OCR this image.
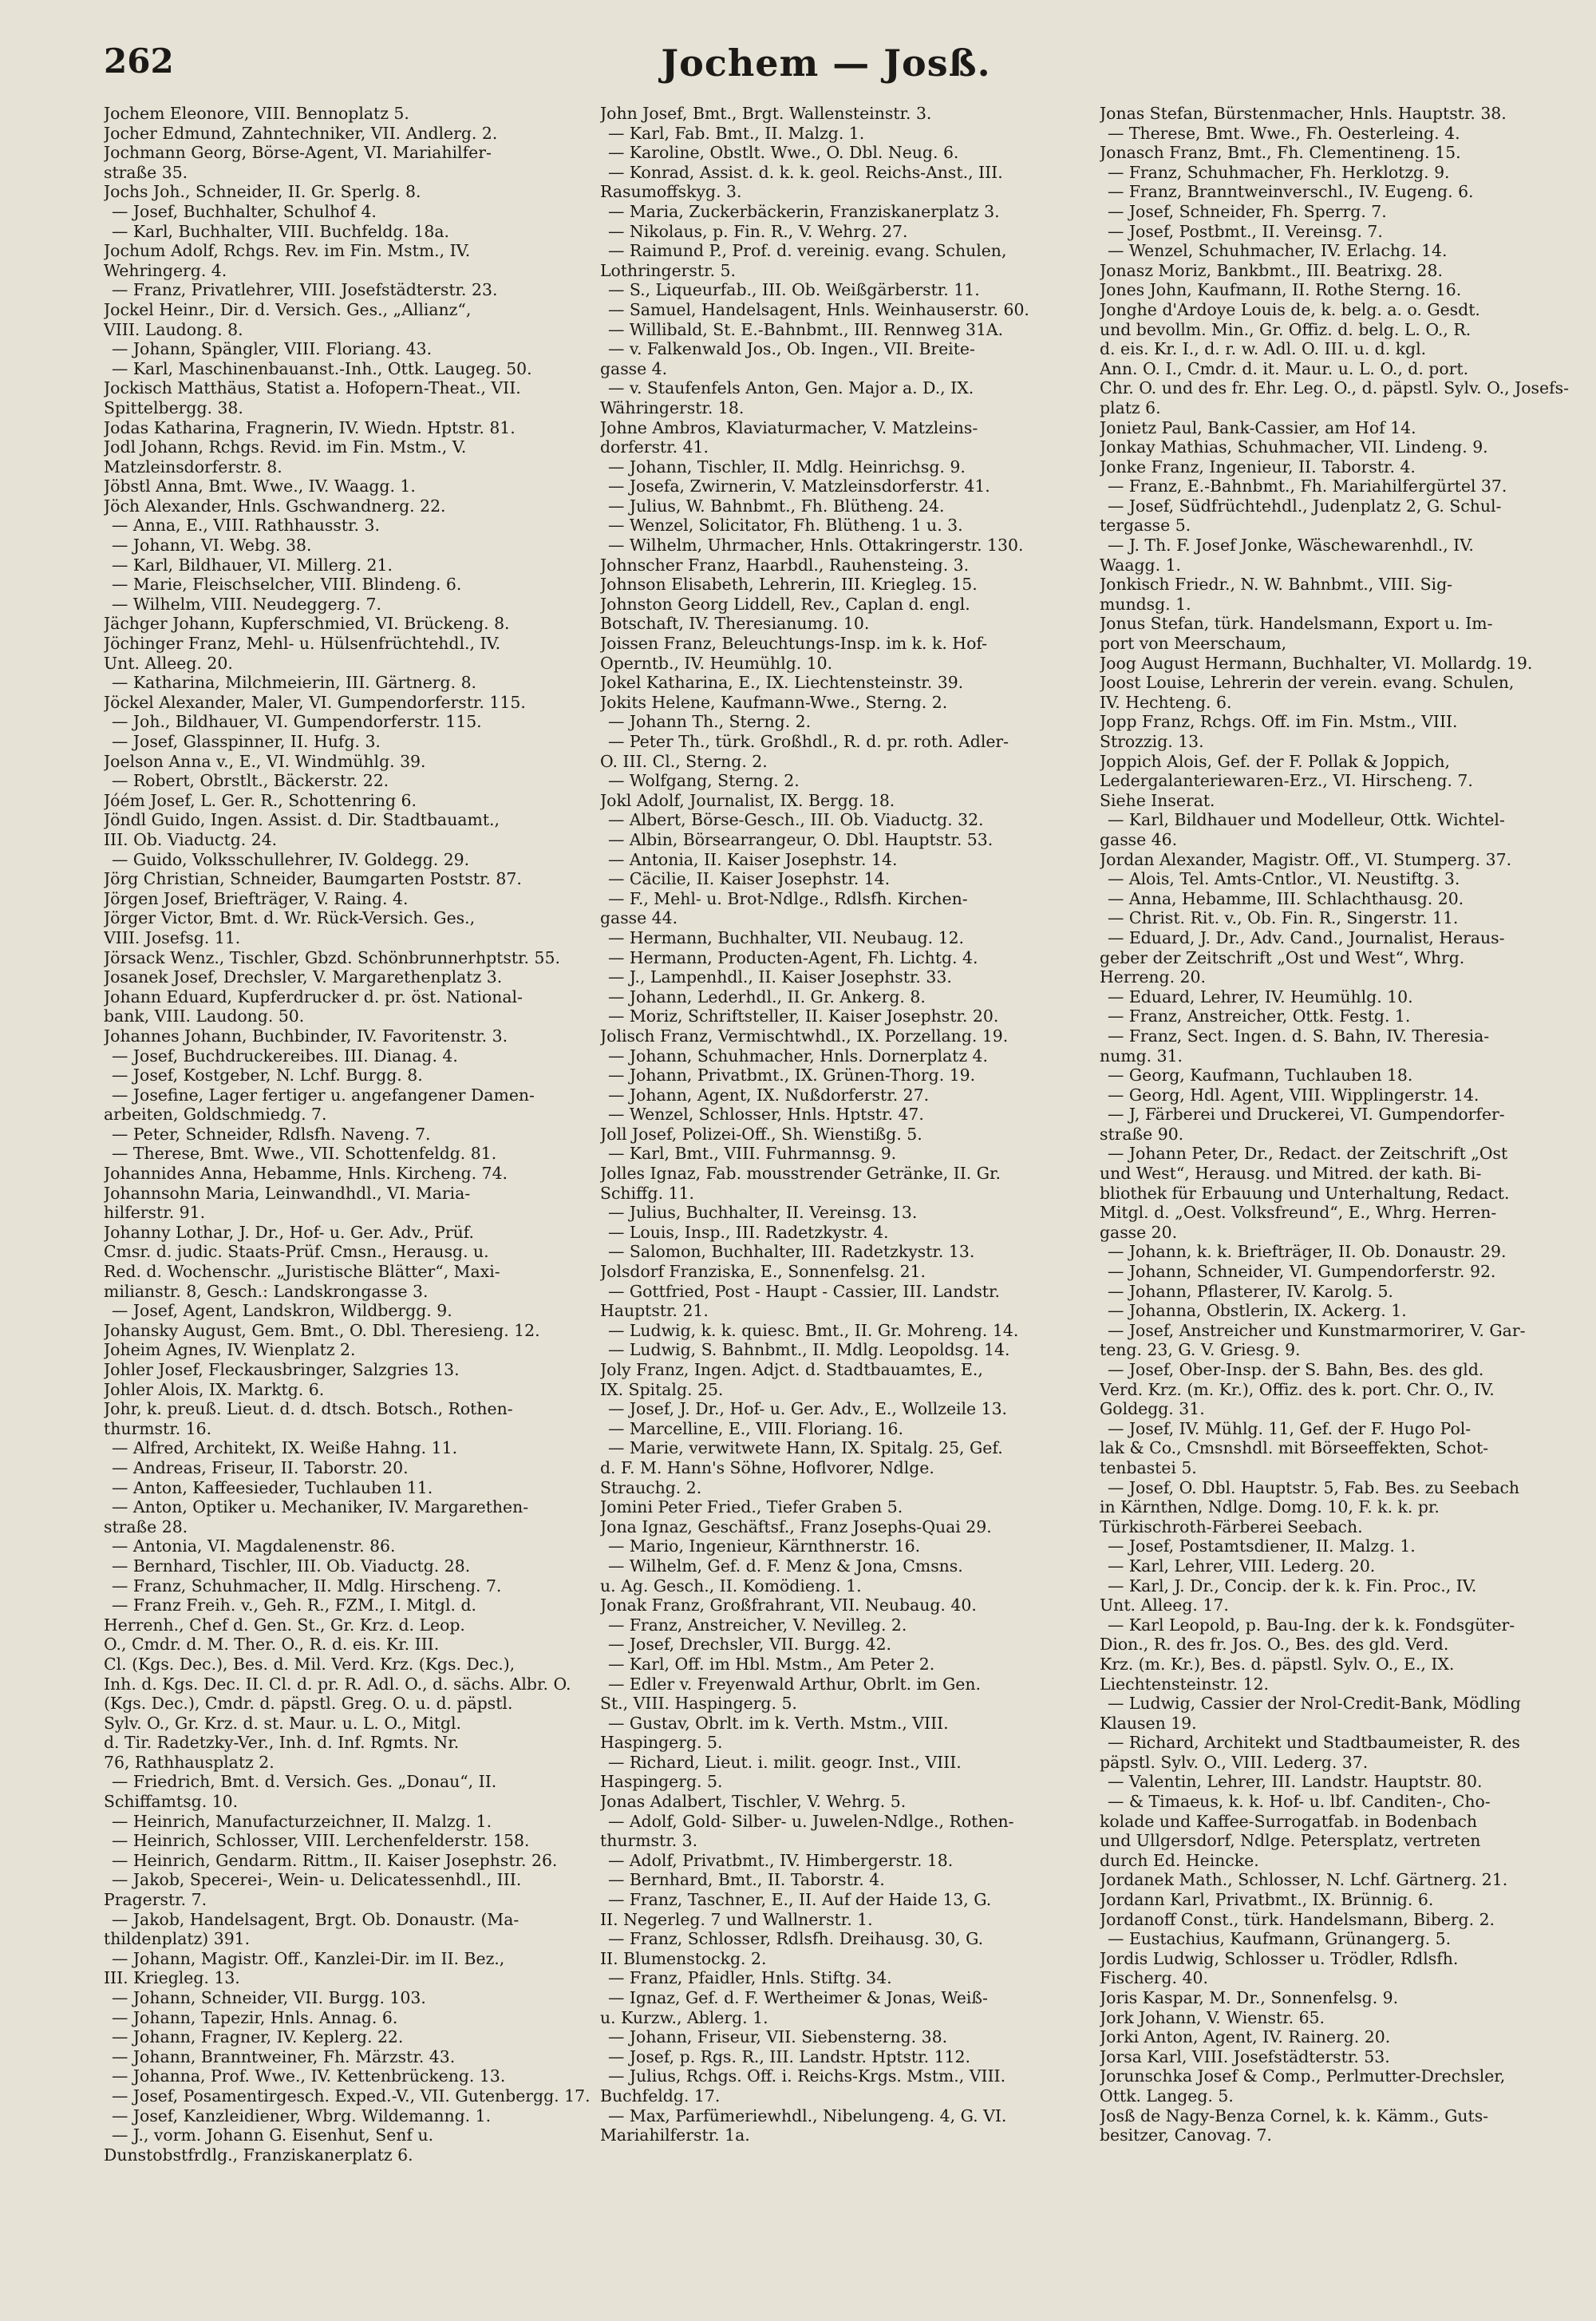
262	Jochem — Josß.
Jochem Eleonore, VIII. Bennoplatz 5.
Jocher Edmund, Zahntechniker, VII. Andlerg. 2.
Jochmann Georg, Börse-Agent, VI. Mariahilfer-
straße 35.
Jochs Joh., Schneider, II. Gr. Sperlg. 8.
— Josef, Buchhalter, Schulhof 4.
— Karl, Buchhalter, VIII. Buchfeldg. 18a.
Jochum Adolf, Rchgs. Rev. im Fin. Mstm., IV.
Wehringerg. 4.
— Franz, Privatlehrer, VIII. Josefstädterstr. 23.
Jockel Heinr., Dir. d. Versich. Ges., „Allianz“,
VIII. Laudong. 8.
— Johann, Spängler, VIII. Floriang. 43.
— Karl, Maschinenbauanst.-Inh., Ottk. Laugeg. 50.
Jockisch Matthäus, Statist a. Hofopern-Theat., VII.
Spittelbergg. 38.
Jodas Katharina, Fragnerin, IV. Wiedn. Hptstr. 81.
Jodl Johann, Rchgs. Revid. im Fin. Mstm., V.
Matzleinsdorferstr. 8.
Jöbstl Anna, Bmt. Wwe., IV. Waagg. 1.
Jöch Alexander, Hnls. Gschwandnerg. 22.
— Anna, E., VIII. Rathhausstr. 3.
— Johann, VI. Webg. 38.
— Karl, Bildhauer, VI. Millerg. 21.
— Marie, Fleischselcher, VIII. Blindeng. 6.
— Wilhelm, VIII. Neudeggerg. 7.
Jächger Johann, Kupferschmied, VI. Brückeng. 8.
Jöchinger Franz, Mehl- u. Hülsenfrüchtehdl., IV.
Unt. Alleeg. 20.
— Katharina, Milchmeierin, III. Gärtnerg. 8.
Jöckel Alexander, Maler, VI. Gumpendorferstr. 115.
— Joh., Bildhauer, VI. Gumpendorferstr. 115.
— Josef, Glasspinner, II. Hufg. 3.
Joelson Anna v., E., VI. Windmühlg. 39.
— Robert, Obrstlt., Bäckerstr. 22.
Jóém Josef, L. Ger. R., Schottenring 6.
Jöndl Guido, Ingen. Assist. d. Dir. Stadtbauamt.,
III. Ob. Viaductg. 24.
— Guido, Volksschullehrer, IV. Goldegg. 29.
Jörg Christian, Schneider, Baumgarten Poststr. 87.
Jörgen Josef, Briefträger, V. Raing. 4.
Jörger Victor, Bmt. d. Wr. Rück-Versich. Ges.,
VIII. Josefsg. 11.
Jörsack Wenz., Tischler, Gbzd. Schönbrunnerhptstr. 55.
Josanek Josef, Drechsler, V. Margarethenplatz 3.
Johann Eduard, Kupferdrucker d. pr. öst. National-
bank, VIII. Laudong. 50.
Johannes Johann, Buchbinder, IV. Favoritenstr. 3.
— Josef, Buchdruckereibes. III. Dianag. 4.
— Josef, Kostgeber, N. Lchf. Burgg. 8.
— Josefine, Lager fertiger u. angefangener Damen-
arbeiten, Goldschmiedg. 7.
— Peter, Schneider, Rdlsfh. Naveng. 7.
— Therese, Bmt. Wwe., VII. Schottenfeldg. 81.
Johannides Anna, Hebamme, Hnls. Kircheng. 74.
Johannsohn Maria, Leinwandhdl., VI. Maria-
hilferstr. 91.
Johanny Lothar, J. Dr., Hof- u. Ger. Adv., Prüf.
Cmsr. d. judic. Staats-Prüf. Cmsn., Herausg. u.
Red. d. Wochenschr. „Juristische Blätter“, Maxi-
milianstr. 8, Gesch.: Landskrongasse 3.
— Josef, Agent, Landskron, Wildbergg. 9.
Johansky August, Gem. Bmt., O. Dbl. Theresieng. 12.
Joheim Agnes, IV. Wienplatz 2.
Johler Josef, Fleckausbringer, Salzgries 13.
Johler Alois, IX. Marktg. 6.
Johr, k. preuß. Lieut. d. d. dtsch. Botsch., Rothen-
thurmstr. 16.
— Alfred, Architekt, IX. Weiße Hahng. 11.
— Andreas, Friseur, II. Taborstr. 20.
— Anton, Kaffeesieder, Tuchlauben 11.
— Anton, Optiker u. Mechaniker, IV. Margarethen-
straße 28.
— Antonia, VI. Magdalenenstr. 86.
— Bernhard, Tischler, III. Ob. Viaductg. 28.
— Franz, Schuhmacher, II. Mdlg. Hirscheng. 7.
— Franz Freih. v., Geh. R., FZM., I. Mitgl. d.
Herrenh., Chef d. Gen. St., Gr. Krz. d. Leop.
O., Cmdr. d. M. Ther. O., R. d. eis. Kr. III.
Cl. (Kgs. Dec.), Bes. d. Mil. Verd. Krz. (Kgs. Dec.),
Inh. d. Kgs. Dec. II. Cl. d. pr. R. Adl. O., d. sächs. Albr. O.
(Kgs. Dec.), Cmdr. d. päpstl. Greg. O. u. d. päpstl.
Sylv. O., Gr. Krz. d. st. Maur. u. L. O., Mitgl.
d. Tir. Radetzky-Ver., Inh. d. Inf. Rgmts. Nr.
76, Rathhausplatz 2.
— Friedrich, Bmt. d. Versich. Ges. „Donau“, II.
Schiffamtsg. 10.
— Heinrich, Manufacturzeichner, II. Malzg. 1.
— Heinrich, Schlosser, VIII. Lerchenfelderstr. 158.
— Heinrich, Gendarm. Rittm., II. Kaiser Josephstr. 26.
— Jakob, Specerei-, Wein- u. Delicatessenhdl., III.
Pragerstr. 7.
— Jakob, Handelsagent, Brgt. Ob. Donaustr. (Ma-
thildenplatz) 391.
— Johann, Magistr. Off., Kanzlei-Dir. im II. Bez.,
III. Kriegleg. 13.
— Johann, Schneider, VII. Burgg. 103.
— Johann, Tapezir, Hnls. Annag. 6.
— Johann, Fragner, IV. Keplerg. 22.
— Johann, Branntweiner, Fh. Märzstr. 43.
— Johanna, Prof. Wwe., IV. Kettenbrückeng. 13.
— Josef, Posamentirgesch. Exped.-V., VII. Gutenbergg. 17.
— Josef, Kanzleidiener, Wbrg. Wildemanng. 1.
— J., vorm. Johann G. Eisenhut, Senf u.
Dunstobstfrdlg., Franziskanerplatz 6.
John Josef, Bmt., Brgt. Wallensteinstr. 3.
— Karl, Fab. Bmt., II. Malzg. 1.
— Karoline, Obstlt. Wwe., O. Dbl. Neug. 6.
— Konrad, Assist. d. k. k. geol. Reichs-Anst., III.
Rasumoffskyg. 3.
— Maria, Zuckerbäckerin, Franziskanerplatz 3.
— Nikolaus, p. Fin. R., V. Wehrg. 27.
— Raimund P., Prof. d. vereinig. evang. Schulen,
Lothringerstr. 5.
— S., Liqueurfab., III. Ob. Weißgärberstr. 11.
— Samuel, Handelsagent, Hnls. Weinhauserstr. 60.
— Willibald, St. E.-Bahnbmt., III. Rennweg 31A.
— v. Falkenwald Jos., Ob. Ingen., VII. Breite-
gasse 4.
— v. Staufenfels Anton, Gen. Major a. D., IX.
Währingerstr. 18.
Johne Ambros, Klaviaturmacher, V. Matzleins-
dorferstr. 41.
— Johann, Tischler, II. Mdlg. Heinrichsg. 9.
— Josefa, Zwirnerin, V. Matzleinsdorferstr. 41.
— Julius, W. Bahnbmt., Fh. Blütheng. 24.
— Wenzel, Solicitator, Fh. Blütheng. 1 u. 3.
— Wilhelm, Uhrmacher, Hnls. Ottakringerstr. 130.
Johnscher Franz, Haarbdl., Rauhensteing. 3.
Johnson Elisabeth, Lehrerin, III. Kriegleg. 15.
Johnston Georg Liddell, Rev., Caplan d. engl.
Botschaft, IV. Theresianumg. 10.
Joissen Franz, Beleuchtungs-Insp. im k. k. Hof-
Operntb., IV. Heumühlg. 10.
Jokel Katharina, E., IX. Liechtensteinstr. 39.
Jokits Helene, Kaufmann-Wwe., Sterng. 2.
— Johann Th., Sterng. 2.
— Peter Th., türk. Großhdl., R. d. pr. roth. Adler-
O. III. Cl., Sterng. 2.
— Wolfgang, Sterng. 2.
Jokl Adolf, Journalist, IX. Bergg. 18.
— Albert, Börse-Gesch., III. Ob. Viaductg. 32.
— Albin, Börsearrangeur, O. Dbl. Hauptstr. 53.
— Antonia, II. Kaiser Josephstr. 14.
— Cäcilie, II. Kaiser Josephstr. 14.
— F., Mehl- u. Brot-Ndlge., Rdlsfh. Kirchen-
gasse 44.
— Hermann, Buchhalter, VII. Neubaug. 12.
— Hermann, Producten-Agent, Fh. Lichtg. 4.
— J., Lampenhdl., II. Kaiser Josephstr. 33.
— Johann, Lederhdl., II. Gr. Ankerg. 8.
— Moriz, Schriftsteller, II. Kaiser Josephstr. 20.
Jolisch Franz, Vermischtwhdl., IX. Porzellang. 19.
— Johann, Schuhmacher, Hnls. Dornerplatz 4.
— Johann, Privatbmt., IX. Grünen-Thorg. 19.
— Johann, Agent, IX. Nußdorferstr. 27.
— Wenzel, Schlosser, Hnls. Hptstr. 47.
Joll Josef, Polizei-Off., Sh. Wienstißg. 5.
— Karl, Bmt., VIII. Fuhrmannsg. 9.
Jolles Ignaz, Fab. mousstrender Getränke, II. Gr.
Schiffg. 11.
— Julius, Buchhalter, II. Vereinsg. 13.
— Louis, Insp., III. Radetzkystr. 4.
— Salomon, Buchhalter, III. Radetzkystr. 13.
Jolsdorf Franziska, E., Sonnenfelsg. 21.
— Gottfried, Post - Haupt - Cassier, III. Landstr.
Hauptstr. 21.
— Ludwig, k. k. quiesc. Bmt., II. Gr. Mohreng. 14.
— Ludwig, S. Bahnbmt., II. Mdlg. Leopoldsg. 14.
Joly Franz, Ingen. Adjct. d. Stadtbauamtes, E.,
IX. Spitalg. 25.
— Josef, J. Dr., Hof- u. Ger. Adv., E., Wollzeile 13.
— Marcelline, E., VIII. Floriang. 16.
— Marie, verwitwete Hann, IX. Spitalg. 25, Gef.
d. F. M. Hann's Söhne, Hoflvorer, Ndlge.
Strauchg. 2.
Jomini Peter Fried., Tiefer Graben 5.
Jona Ignaz, Geschäftsf., Franz Josephs-Quai 29.
— Mario, Ingenieur, Kärnthnerstr. 16.
— Wilhelm, Gef. d. F. Menz & Jona, Cmsns.
u. Ag. Gesch., II. Komödieng. 1.
Jonak Franz, Großfrahrant, VII. Neubaug. 40.
— Franz, Anstreicher, V. Nevilleg. 2.
— Josef, Drechsler, VII. Burgg. 42.
— Karl, Off. im Hbl. Mstm., Am Peter 2.
— Edler v. Freyenwald Arthur, Obrlt. im Gen.
St., VIII. Haspingerg. 5.
— Gustav, Obrlt. im k. Verth. Mstm., VIII.
Haspingerg. 5.
— Richard, Lieut. i. milit. geogr. Inst., VIII.
Haspingerg. 5.
Jonas Adalbert, Tischler, V. Wehrg. 5.
— Adolf, Gold- Silber- u. Juwelen-Ndlge., Rothen-
thurmstr. 3.
— Adolf, Privatbmt., IV. Himbergerstr. 18.
— Bernhard, Bmt., II. Taborstr. 4.
— Franz, Taschner, E., II. Auf der Haide 13, G.
II. Negerleg. 7 und Wallnerstr. 1.
— Franz, Schlosser, Rdlsfh. Dreihausg. 30, G.
II. Blumenstockg. 2.
— Franz, Pfaidler, Hnls. Stiftg. 34.
— Ignaz, Gef. d. F. Wertheimer & Jonas, Weiß-
u. Kurzw., Ablerg. 1.
— Johann, Friseur, VII. Siebensterng. 38.
— Josef, p. Rgs. R., III. Landstr. Hptstr. 112.
— Julius, Rchgs. Off. i. Reichs-Krgs. Mstm., VIII.
Buchfeldg. 17.
— Max, Parfümeriewhdl., Nibelungeng. 4, G. VI.
Mariahilferstr. 1a.
Jonas Stefan, Bürstenmacher, Hnls. Hauptstr. 38.
— Therese, Bmt. Wwe., Fh. Oesterleing. 4.
Jonasch Franz, Bmt., Fh. Clementineng. 15.
— Franz, Schuhmacher, Fh. Herklotzg. 9.
— Franz, Branntweinverschl., IV. Eugeng. 6.
— Josef, Schneider, Fh. Sperrg. 7.
— Josef, Postbmt., II. Vereinsg. 7.
— Wenzel, Schuhmacher, IV. Erlachg. 14.
Jonasz Moriz, Bankbmt., III. Beatrixg. 28.
Jones John, Kaufmann, II. Rothe Sterng. 16.
Jonghe d'Ardoye Louis de, k. belg. a. o. Gesdt.
und bevollm. Min., Gr. Offiz. d. belg. L. O., R.
d. eis. Kr. I., d. r. w. Adl. O. III. u. d. kgl.
Ann. O. I., Cmdr. d. it. Maur. u. L. O., d. port.
Chr. O. und des fr. Ehr. Leg. O., d. päpstl. Sylv. O., Josefs-
platz 6.
Jonietz Paul, Bank-Cassier, am Hof 14.
Jonkay Mathias, Schuhmacher, VII. Lindeng. 9.
Jonke Franz, Ingenieur, II. Taborstr. 4.
— Franz, E.-Bahnbmt., Fh. Mariahilfergürtel 37.
— Josef, Südfrüchtehdl., Judenplatz 2, G. Schul-
tergasse 5.
— J. Th. F. Josef Jonke, Wäschewarenhdl., IV.
Waagg. 1.
Jonkisch Friedr., N. W. Bahnbmt., VIII. Sig-
mundsg. 1.
Jonus Stefan, türk. Handelsmann, Export u. Im-
port von Meerschaum,
Joog August Hermann, Buchhalter, VI. Mollardg. 19.
Joost Louise, Lehrerin der verein. evang. Schulen,
IV. Hechteng. 6.
Jopp Franz, Rchgs. Off. im Fin. Mstm., VIII.
Strozzig. 13.
Joppich Alois, Gef. der F. Pollak & Joppich,
Ledergalanteriewaren-Erz., VI. Hirscheng. 7.
Siehe Inserat.
— Karl, Bildhauer und Modelleur, Ottk. Wichtel-
gasse 46.
Jordan Alexander, Magistr. Off., VI. Stumperg. 37.
— Alois, Tel. Amts-Cntlor., VI. Neustiftg. 3.
— Anna, Hebamme, III. Schlachthausg. 20.
— Christ. Rit. v., Ob. Fin. R., Singerstr. 11.
— Eduard, J. Dr., Adv. Cand., Journalist, Heraus-
geber der Zeitschrift „Ost und West“, Whrg.
Herreng. 20.
— Eduard, Lehrer, IV. Heumühlg. 10.
— Franz, Anstreicher, Ottk. Festg. 1.
— Franz, Sect. Ingen. d. S. Bahn, IV. Theresia-
numg. 31.
— Georg, Kaufmann, Tuchlauben 18.
— Georg, Hdl. Agent, VIII. Wipplingerstr. 14.
— J, Färberei und Druckerei, VI. Gumpendorfer-
straße 90.
— Johann Peter, Dr., Redact. der Zeitschrift „Ost
und West“, Herausg. und Mitred. der kath. Bi-
bliothek für Erbauung und Unterhaltung, Redact.
Mitgl. d. „Oest. Volksfreund“, E., Whrg. Herren-
gasse 20.
— Johann, k. k. Briefträger, II. Ob. Donaustr. 29.
— Johann, Schneider, VI. Gumpendorferstr. 92.
— Johann, Pflasterer, IV. Karolg. 5.
— Johanna, Obstlerin, IX. Ackerg. 1.
— Josef, Anstreicher und Kunstmarmorirer, V. Gar-
teng. 23, G. V. Griesg. 9.
— Josef, Ober-Insp. der S. Bahn, Bes. des gld.
Verd. Krz. (m. Kr.), Offiz. des k. port. Chr. O., IV.
Goldegg. 31.
— Josef, IV. Mühlg. 11, Gef. der F. Hugo Pol-
lak & Co., Cmsnshdl. mit Börseeffekten, Schot-
tenbastei 5.
— Josef, O. Dbl. Hauptstr. 5, Fab. Bes. zu Seebach
in Kärnthen, Ndlge. Domg. 10, F. k. k. pr.
Türkischroth-Färberei Seebach.
— Josef, Postamtsdiener, II. Malzg. 1.
— Karl, Lehrer, VIII. Lederg. 20.
— Karl, J. Dr., Concip. der k. k. Fin. Proc., IV.
Unt. Alleeg. 17.
— Karl Leopold, p. Bau-Ing. der k. k. Fondsgüter-
Dion., R. des fr. Jos. O., Bes. des gld. Verd.
Krz. (m. Kr.), Bes. d. päpstl. Sylv. O., E., IX.
Liechtensteinstr. 12.
— Ludwig, Cassier der Nrol-Credit-Bank, Mödling
Klausen 19.
— Richard, Architekt und Stadtbaumeister, R. des
päpstl. Sylv. O., VIII. Lederg. 37.
— Valentin, Lehrer, III. Landstr. Hauptstr. 80.
— & Timaeus, k. k. Hof- u. lbf. Canditen-, Cho-
kolade und Kaffee-Surrogatfab. in Bodenbach
und Ullgersdorf, Ndlge. Petersplatz, vertreten
durch Ed. Heincke.
Jordanek Math., Schlosser, N. Lchf. Gärtnerg. 21.
Jordann Karl, Privatbmt., IX. Brünnig. 6.
Jordanoff Const., türk. Handelsmann, Biberg. 2.
— Eustachius, Kaufmann, Grünangerg. 5.
Jordis Ludwig, Schlosser u. Trödler, Rdlsfh.
Fischerg. 40.
Joris Kaspar, M. Dr., Sonnenfelsg. 9.
Jork Johann, V. Wienstr. 65.
Jorki Anton, Agent, IV. Rainerg. 20.
Jorsa Karl, VIII. Josefstädterstr. 53.
Jorunschka Josef & Comp., Perlmutter-Drechsler,
Ottk. Langeg. 5.
Josß de Nagy-Benza Cornel, k. k. Kämm., Guts-
besitzer, Canovag. 7.
